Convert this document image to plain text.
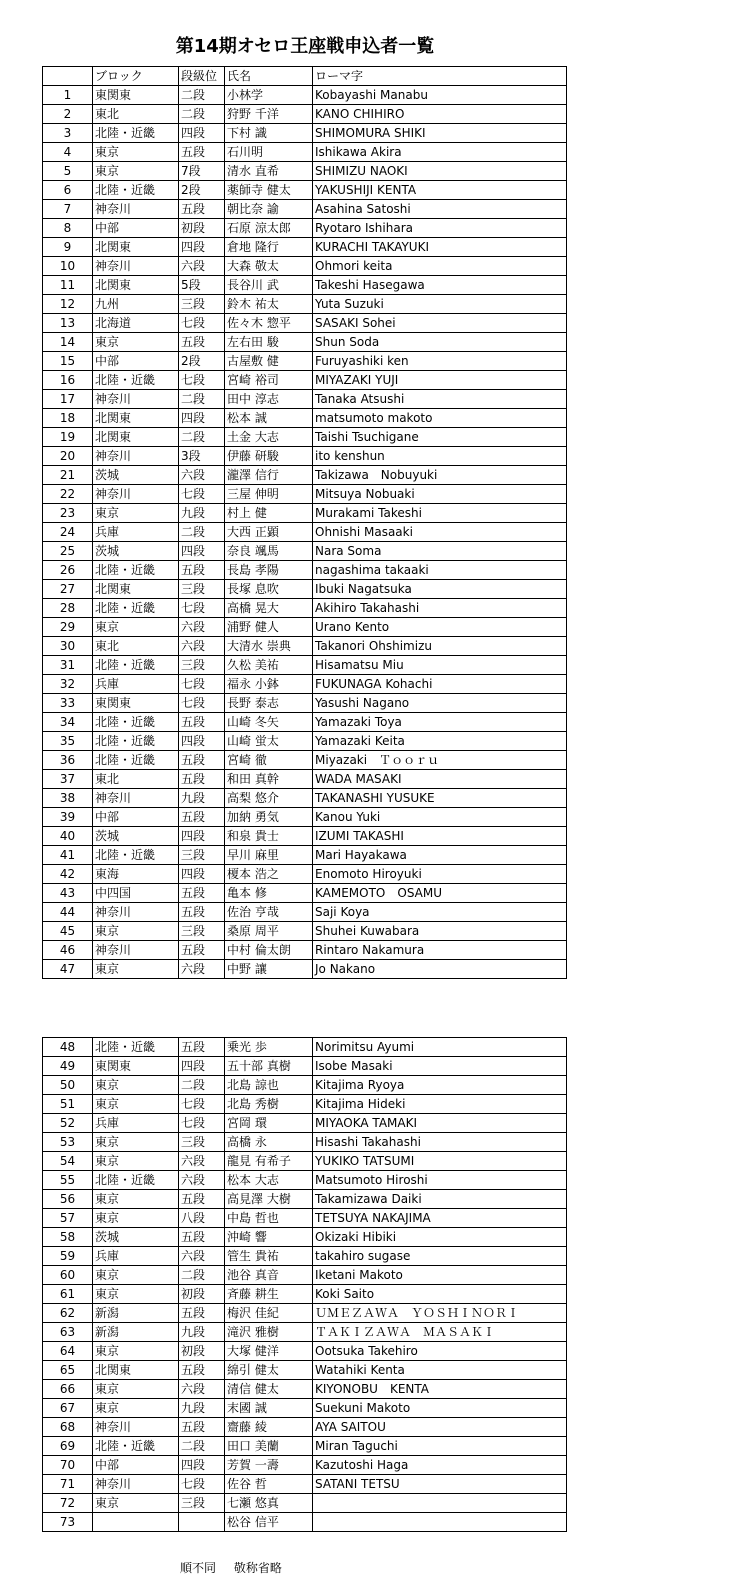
第14期オセロ王座戦申込者一覧
	ブロック	段級位	氏名	ローマ字
1	東関東	二段	小林学	Kobayashi Manabu
2	東北	二段	狩野 千洋	KANO CHIHIRO
3	北陸・近畿	四段	下村 識	SHIMOMURA SHIKI
4	東京	五段	石川明	Ishikawa Akira
5	東京	7段	清水 直希	SHIMIZU NAOKI
6	北陸・近畿	2段	薬師寺 健太	YAKUSHIJI KENTA
7	神奈川	五段	朝比奈 諭	Asahina Satoshi
8	中部	初段	石原 涼太郎	Ryotaro Ishihara
9	北関東	四段	倉地 隆行	KURACHI TAKAYUKI
10	神奈川	六段	大森 敬太	Ohmori keita
11	北関東	5段	長谷川 武	Takeshi Hasegawa
12	九州	三段	鈴木 祐太	Yuta Suzuki
13	北海道	七段	佐々木 惣平	SASAKI Sohei
14	東京	五段	左右田 駿	Shun Soda
15	中部	2段	古屋敷 健	Furuyashiki ken
16	北陸・近畿	七段	宮崎 裕司	MIYAZAKI YUJI
17	神奈川	二段	田中 淳志	Tanaka Atsushi
18	北関東	四段	松本 誠	matsumoto makoto
19	北関東	二段	土金 大志	Taishi Tsuchigane
20	神奈川	3段	伊藤 研駿	ito kenshun
21	茨城	六段	瀧澤 信行	Takizawa　Nobuyuki
22	神奈川	七段	三屋 伸明	Mitsuya Nobuaki
23	東京	九段	村上 健	Murakami Takeshi
24	兵庫	二段	大西 正顕	Ohnishi Masaaki
25	茨城	四段	奈良 颯馬	Nara Soma
26	北陸・近畿	五段	長島 孝陽	nagashima takaaki
27	北関東	三段	長塚 息吹	Ibuki Nagatsuka
28	北陸・近畿	七段	高橋 晃大	Akihiro Takahashi
29	東京	六段	浦野 健人	Urano Kento
30	東北	六段	大清水 崇典	Takanori Ohshimizu
31	北陸・近畿	三段	久松 美祐	Hisamatsu Miu
32	兵庫	七段	福永 小鉢	FUKUNAGA Kohachi
33	東関東	七段	長野 泰志	Yasushi Nagano
34	北陸・近畿	五段	山崎 冬矢	Yamazaki Toya
35	北陸・近畿	四段	山崎 蛍太	Yamazaki Keita
36	北陸・近畿	五段	宮崎 徹	Miyazaki　Ｔｏｏｒｕ
37	東北	五段	和田 真幹	WADA MASAKI
38	神奈川	九段	高梨 悠介	TAKANASHI YUSUKE
39	中部	五段	加納 勇気	Kanou Yuki
40	茨城	四段	和泉 貴士	IZUMI TAKASHI
41	北陸・近畿	三段	早川 麻里	Mari Hayakawa
42	東海	四段	榎本 浩之	Enomoto Hiroyuki
43	中四国	五段	亀本 修	KAMEMOTO　OSAMU
44	神奈川	五段	佐治 亨哉	Saji Koya
45	東京	三段	桑原 周平	Shuhei Kuwabara
46	神奈川	五段	中村 倫太朗	Rintaro Nakamura
47	東京	六段	中野 讓	Jo Nakano
48	北陸・近畿	五段	乗光 歩	Norimitsu Ayumi
49	東関東	四段	五十部 真樹	Isobe Masaki
50	東京	二段	北島 諒也	Kitajima Ryoya
51	東京	七段	北島 秀樹	Kitajima Hideki
52	兵庫	七段	宮岡 環	MIYAOKA TAMAKI
53	東京	三段	高橋 永	Hisashi Takahashi
54	東京	六段	龍見 有希子	YUKIKO TATSUMI
55	北陸・近畿	六段	松本 大志	Matsumoto Hiroshi
56	東京	五段	高見澤 大樹	Takamizawa Daiki
57	東京	八段	中島 哲也	TETSUYA NAKAJIMA
58	茨城	五段	沖崎 響	Okizaki Hibiki
59	兵庫	六段	管生 貴祐	takahiro sugase
60	東京	二段	池谷 真音	Iketani Makoto
61	東京	初段	斉藤 耕生	Koki Saito
62	新潟	五段	梅沢 佳紀	ＵＭＥＺＡＷＡ　ＹＯＳＨＩＮＯＲＩ
63	新潟	九段	滝沢 雅樹	ＴＡＫＩＺＡＷＡ　ＭＡＳＡＫＩ
64	東京	初段	大塚 健洋	Ootsuka Takehiro
65	北関東	五段	綿引 健太	Watahiki Kenta
66	東京	六段	清信 健太	KIYONOBU　KENTA
67	東京	九段	末國 誠	Suekuni Makoto
68	神奈川	五段	齋藤 綾	AYA SAITOU
69	北陸・近畿	二段	田口 美蘭	Miran Taguchi
70	中部	四段	芳賀 一壽	Kazutoshi Haga
71	神奈川	七段	佐谷 哲	SATANI TETSU
72	東京	三段	七瀬 悠真	
73			松谷 信平	
順不同 敬称省略
